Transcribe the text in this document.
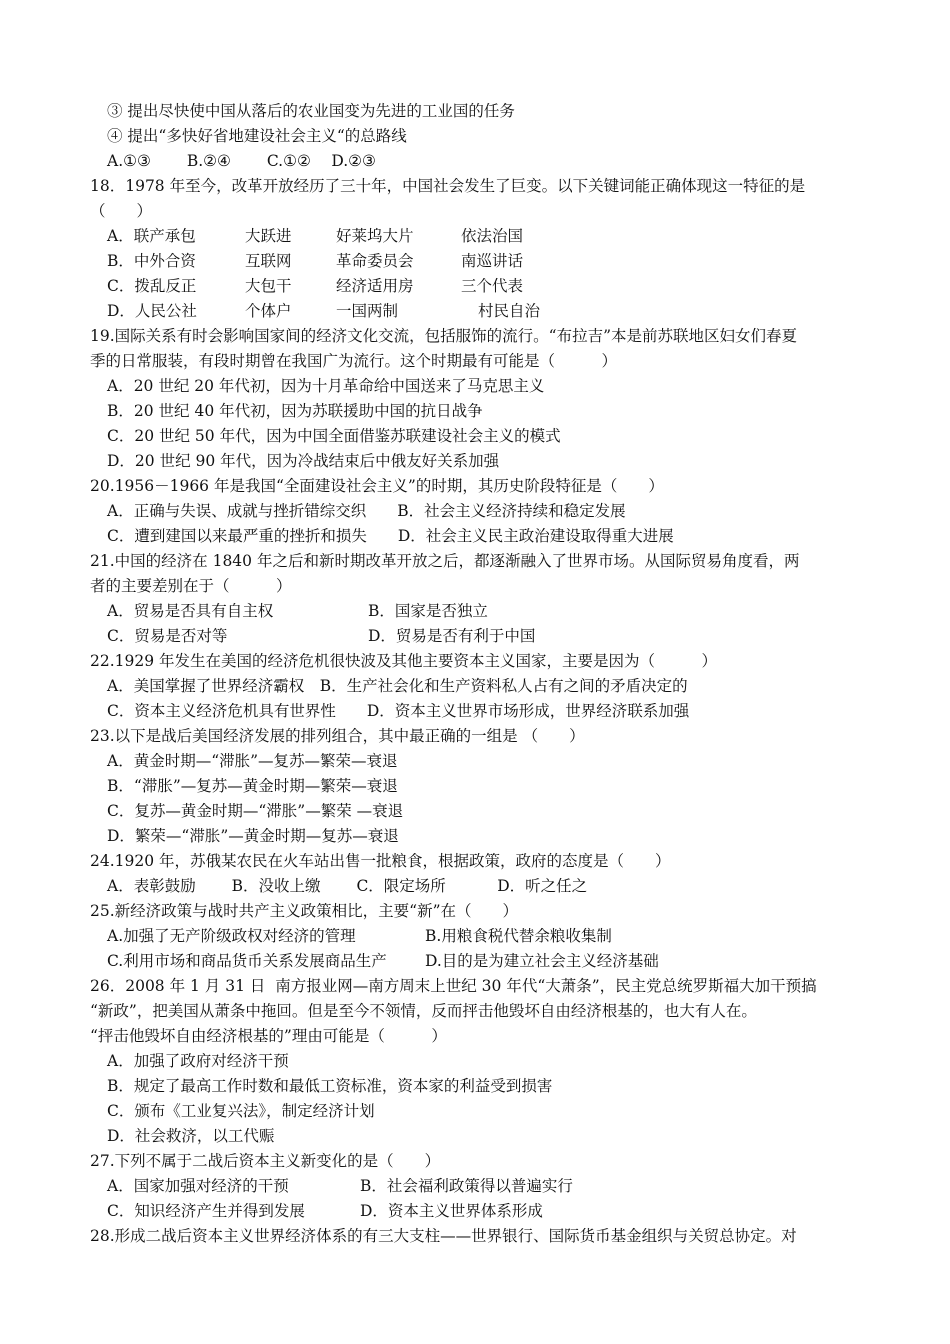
③ 提出尽快使中国从落后的农业国变为先进的工业国的任务
④ 提出“多快好省地建设社会主义“的总路线
A.①③　　 B.②④　　 C.①②　 D.②③
18．1978 年至今，改革开放经历了三十年，中国社会发生了巨变。以下关键词能正确体现这一特征的是
（　　）
A．联产承包	大跃进	好莱坞大片	依法治国
B．中外合资	互联网	革命委员会	南巡讲话
C．拨乱反正	大包干	经济适用房	三个代表
D．人民公社	个体户	一国两制	村民自治
19.国际关系有时会影响国家间的经济文化交流，包括服饰的流行。“布拉吉”本是前苏联地区妇女们春夏
季的日常服装，有段时期曾在我国广为流行。这个时期最有可能是（　　　）
A．20 世纪 20 年代初，因为十月革命给中国送来了马克思主义
B．20 世纪 40 年代初，因为苏联援助中国的抗日战争
C．20 世纪 50 年代，因为中国全面借鉴苏联建设社会主义的模式
D．20 世纪 90 年代，因为冷战结束后中俄友好关系加强
20.1956－1966 年是我国“全面建设社会主义”的时期，其历史阶段特征是（　　）
A．正确与失误、成就与挫折错综交织　　B．社会主义经济持续和稳定发展
C．遭到建国以来最严重的挫折和损失　　D．社会主义民主政治建设取得重大进展
21.中国的经济在 1840 年之后和新时期改革开放之后，都逐渐融入了世界市场。从国际贸易角度看，两
者的主要差别在于（　　　）
A．贸易是否具有自主权	B．国家是否独立
C．贸易是否对等	D．贸易是否有利于中国
22.1929 年发生在美国的经济危机很快波及其他主要资本主义国家，主要是因为（　　　）
A．美国掌握了世界经济霸权　B．生产社会化和生产资料私人占有之间的矛盾决定的
C．资本主义经济危机具有世界性　　D．资本主义世界市场形成，世界经济联系加强
23.以下是战后美国经济发展的排列组合，其中最正确的一组是 （　　）
A．黄金时期—“滞胀”—复苏—繁荣—衰退
B．“滞胀”—复苏—黄金时期—繁荣—衰退
C．复苏—黄金时期—“滞胀”—繁荣 —衰退
D．繁荣—“滞胀”—黄金时期—复苏—衰退
24.1920 年，苏俄某农民在火车站出售一批粮食，根据政策，政府的态度是（　　）
A．表彰鼓励　　 B．没收上缴　　 C．限定场所　　　 D．听之任之
25.新经济政策与战时共产主义政策相比，主要“新”在（　　）
A.加强了无产阶级政权对经济的管理	B.用粮食税代替余粮收集制
C.利用市场和商品货币关系发展商品生产 D.目的是为建立社会主义经济基础
26．2008 年 1 月 31 日  南方报业网—南方周末上世纪 30 年代“大萧条”，民主党总统罗斯福大加干预搞
“新政”，把美国从萧条中拖回。但是至今不领情，反而抨击他毁坏自由经济根基的，也大有人在。
“抨击他毁坏自由经济根基的”理由可能是（　　　）
A．加强了政府对经济干预
B．规定了最高工作时数和最低工资标准，资本家的利益受到损害
C．颁布《工业复兴法》，制定经济计划
D．社会救济，以工代赈
27.下列不属于二战后资本主义新变化的是（　　）
A．国家加强对经济的干预	B．社会福利政策得以普遍实行
C．知识经济产生并得到发展	D．资本主义世界体系形成
28.形成二战后资本主义世界经济体系的有三大支柱——世界银行、国际货币基金组织与关贸总协定。对
